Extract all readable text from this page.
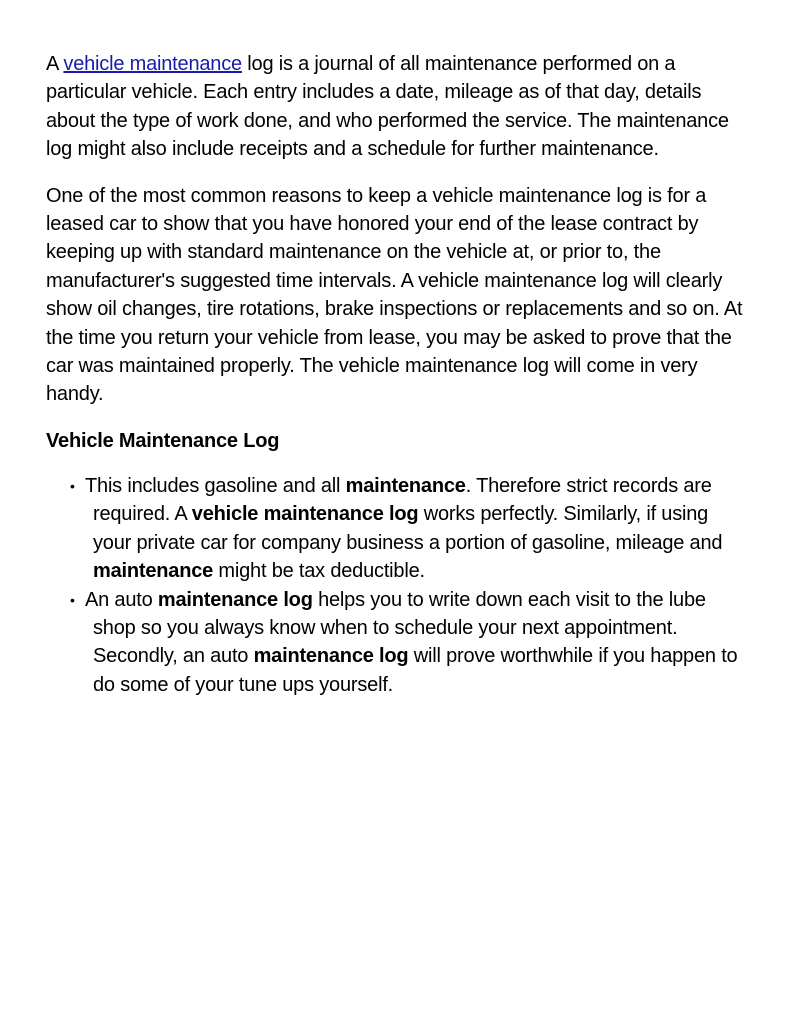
A vehicle maintenance log is a journal of all maintenance performed on a particular vehicle. Each entry includes a date, mileage as of that day, details about the type of work done, and who performed the service. The maintenance log might also include receipts and a schedule for further maintenance.

One of the most common reasons to keep a vehicle maintenance log is for a leased car to show that you have honored your end of the lease contract by keeping up with standard maintenance on the vehicle at, or prior to, the manufacturer's suggested time intervals. A vehicle maintenance log will clearly show oil changes, tire rotations, brake inspections or replacements and so on. At the time you return your vehicle from lease, you may be asked to prove that the car was maintained properly. The vehicle maintenance log will come in very handy.

Vehicle Maintenance Log
• This includes gasoline and all maintenance. Therefore strict records are required. A vehicle maintenance log works perfectly. Similarly, if using your private car for company business a portion of gasoline, mileage and maintenance might be tax deductible.
• An auto maintenance log helps you to write down each visit to the lube shop so you always know when to schedule your next appointment. Secondly, an auto maintenance log will prove worthwhile if you happen to do some of your tune ups yourself.
